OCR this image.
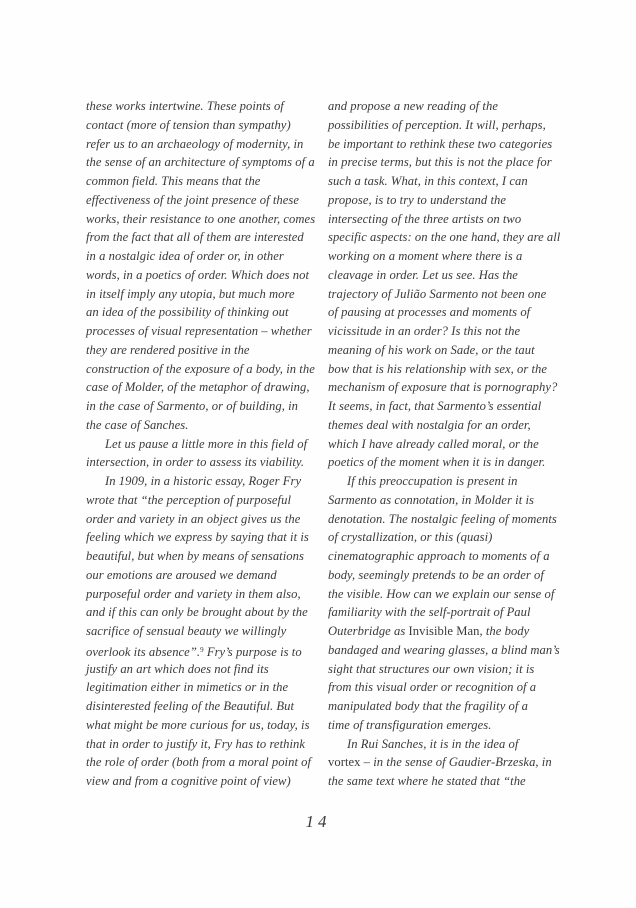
these works intertwine. These points of
contact (more of tension than sympathy)
refer us to an archaeology of modernity, in
the sense of an architecture of symptoms of a
common field. This means that the
effectiveness of the joint presence of these
works, their resistance to one another, comes
from the fact that all of them are interested
in a nostalgic idea of order or, in other
words, in a poetics of order. Which does not
in itself imply any utopia, but much more
an idea of the possibility of thinking out
processes of visual representation – whether
they are rendered positive in the
construction of the exposure of a body, in the
case of Molder, of the metaphor of drawing,
in the case of Sarmento, or of building, in
the case of Sanches.
Let us pause a little more in this field of
intersection, in order to assess its viability.
In 1909, in a historic essay, Roger Fry
wrote that “the perception of purposeful
order and variety in an object gives us the
feeling which we express by saying that it is
beautiful, but when by means of sensations
our emotions are aroused we demand
purposeful order and variety in them also,
and if this can only be brought about by the
sacrifice of sensual beauty we willingly
overlook its absence”.$^9$ Fry’s purpose is to
justify an art which does not find its
legitimation either in mimetics or in the
disinterested feeling of the Beautiful. But
what might be more curious for us, today, is
that in order to justify it, Fry has to rethink
the role of order (both from a moral point of
view and from a cognitive point of view)
and propose a new reading of the
possibilities of perception. It will, perhaps,
be important to rethink these two categories
in precise terms, but this is not the place for
such a task. What, in this context, I can
propose, is to try to understand the
intersecting of the three artists on two
specific aspects: on the one hand, they are all
working on a moment where there is a
cleavage in order. Let us see. Has the
trajectory of Julião Sarmento not been one
of pausing at processes and moments of
vicissitude in an order? Is this not the
meaning of his work on Sade, or the taut
bow that is his relationship with sex, or the
mechanism of exposure that is pornography?
It seems, in fact, that Sarmento’s essential
themes deal with nostalgia for an order,
which I have already called moral, or the
poetics of the moment when it is in danger.
If this preoccupation is present in
Sarmento as connotation, in Molder it is
denotation. The nostalgic feeling of moments
of crystallization, or this (quasi)
cinematographic approach to moments of a
body, seemingly pretends to be an order of
the visible. How can we explain our sense of
familiarity with the self-portrait of Paul
Outerbridge as Invisible Man, the body
bandaged and wearing glasses, a blind man’s
sight that structures our own vision; it is
from this visual order or recognition of a
manipulated body that the fragility of a
time of transfiguration emerges.
In Rui Sanches, it is in the idea of
vortex – in the sense of Gaudier-Brzeska, in
the same text where he stated that “the
14
